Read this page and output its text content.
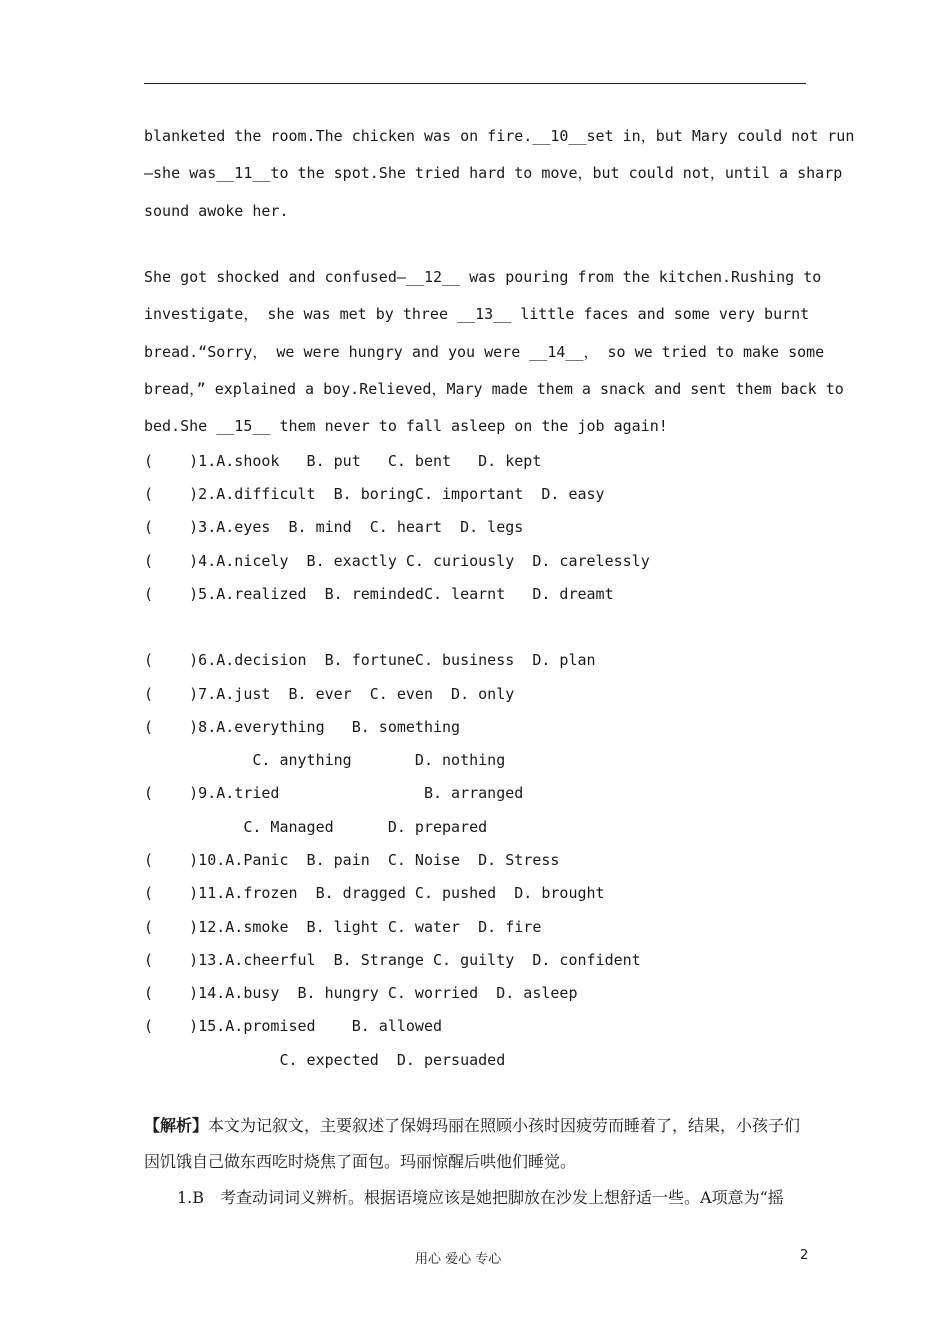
blanketed the room.The chicken was on fire.__10__set in，but Mary could not run
—she was__11__to the spot.She tried hard to move，but could not，until a sharp
sound awoke her.
She got shocked and confused—__12__ was pouring from the kitchen.Rushing to
investigate， she was met by three __13__ little faces and some very burnt
bread.“Sorry， we were hungry and you were __14__， so we tried to make some
bread，” explained a boy.Relieved，Mary made them a snack and sent them back to
bed.She __15__ them never to fall asleep on the job again!
(    )1.A.shook   B. put   C. bent   D. kept
(    )2.A.difficult  B. boringC. important  D. easy
(    )3.A.eyes  B. mind  C. heart  D. legs
(    )4.A.nicely  B. exactly C. curiously  D. carelessly
(    )5.A.realized  B. remindedC. learnt   D. dreamt
(    )6.A.decision  B. fortuneC. business  D. plan
(    )7.A.just  B. ever  C. even  D. only
(    )8.A.everything   B. something
C. anything       D. nothing
(    )9.A.tried                B. arranged
C. Managed      D. prepared
(    )10.A.Panic  B. pain  C. Noise  D. Stress
(    )11.A.frozen  B. dragged C. pushed  D. brought
(    )12.A.smoke  B. light C. water  D. fire
(    )13.A.cheerful  B. Strange C. guilty  D. confident
(    )14.A.busy  B. hungry C. worried  D. asleep
(    )15.A.promised    B. allowed
C. expected  D. persuaded
【解析】本文为记叙文，主要叙述了保姆玛丽在照顾小孩时因疲劳而睡着了，结果，小孩子们
因饥饿自己做东西吃时烧焦了面包。玛丽惊醒后哄他们睡觉。
1.B　考查动词词义辨析。根据语境应该是她把脚放在沙发上想舒适一些。A项意为“摇
用心 爱心 专心	2
